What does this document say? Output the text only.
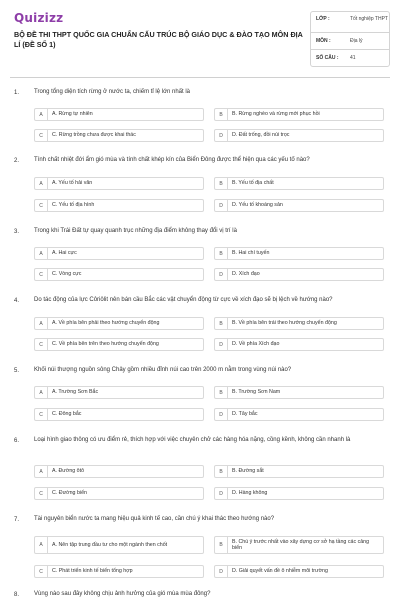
Quizizz
BỘ ĐỀ THI THPT QUỐC GIA CHUẨN CẤU TRÚC BỘ GIÁO DỤC & ĐÀO TẠO MÔN ĐỊA LÍ (ĐỀ SỐ 1)
LỚP :	Tốt nghiệp THPT
MÔN :	Địa lý
SỐ CÂU : 41
1. Trong tổng diện tích rừng ở nước ta, chiếm tỉ lệ lớn nhất là
A	A. Rừng tự nhiên	B	B. Rừng nghèo và rừng mới phục hồi
C	C. Rừng trồng chưa được khai thác	D	D. Đất trống, đồi núi trọc
2. Tính chất nhiệt đới ẩm gió mùa và tính chất khép kín của Biển Đông được thể hiện qua các yếu tố nào?
A	A. Yếu tố hải văn	B	B. Yếu tố địa chất
C	C. Yếu tố địa hình	D	D. Yếu tố khoáng sản
3. Trong khi Trái Đất tự quay quanh trục những địa điểm không thay đổi vị trí là
A	A. Hai cực	B	B. Hai chí tuyến
C	C. Vòng cực	D	D. Xích đạo
4. Do tác động của lực Côriôlit nên bán cầu Bắc các vật chuyển động từ cực về xích đạo sẽ bị lệch về hướng nào?
A	A. Về phía bên phải theo hướng chuyển động	B	B. Về phía bên trái theo hướng chuyển động
C	C. Về phía bên trên theo hướng chuyển động	D	D. Về phía Xích đạo
5. Khối núi thượng nguồn sông Chảy gồm nhiều đỉnh núi cao trên 2000 m nằm trong vùng núi nào?
A	A. Trường Sơn Bắc	B	B. Trường Sơn Nam
C	C. Đông bắc	D	D. Tây bắc
6. Loại hình giao thông có ưu điểm rẻ, thích hợp với việc chuyên chở các hàng hóa nặng, cồng kềnh, không cần nhanh là
A	A. Đường ôtô	B	B. Đường sắt
C	C. Đường biển	D	D. Hàng không
7. Tài nguyên biển nước ta mang hiệu quả kinh tế cao, cần chú ý khai thác theo hướng nào?
A	A. Nên tập trung đầu tư cho một ngành then chốt	B
B. Chú ý trước nhất vào xây dựng cơ sở hạ tầng các cảng biển
C	C. Phát triển kinh tế biển tổng hợp	D	D. Giải quyết vấn đề ô nhiễm môi trường
8. Vùng nào sau đây không chịu ảnh hưởng của gió mùa mùa đông?
